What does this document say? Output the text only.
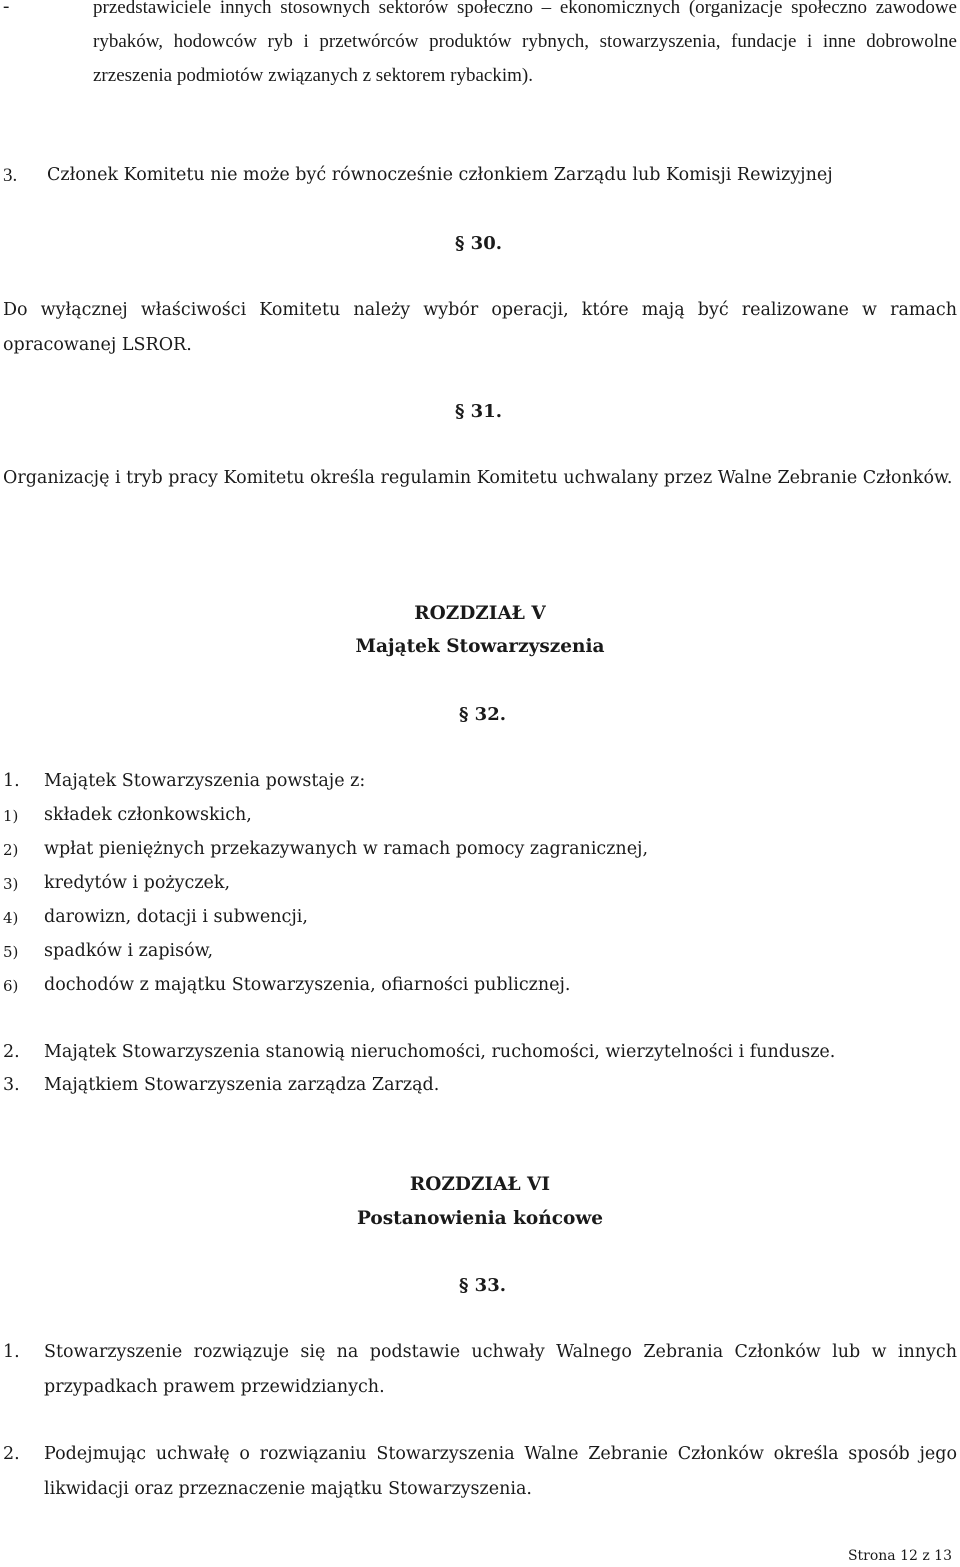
-	przedstawiciele innych stosownych sektorów społeczno – ekonomicznych (organizacje społeczno zawodowe rybaków, hodowców ryb i przetwórców produktów rybnych, stowarzyszenia, fundacje i inne dobrowolne zrzeszenia podmiotów związanych z sektorem rybackim).
3. Członek Komitetu nie może być równocześnie członkiem Zarządu lub Komisji Rewizyjnej
§ 30.
Do wyłącznej właściwości Komitetu należy wybór operacji, które mają być realizowane w ramach opracowanej LSROR.
§ 31.
Organizację i tryb pracy Komitetu określa regulamin Komitetu uchwalany przez Walne Zebranie Członków.
ROZDZIAŁ V
Majątek Stowarzyszenia
§ 32.
1. Majątek Stowarzyszenia powstaje z:
1) składek członkowskich,
2) wpłat pieniężnych przekazywanych w ramach pomocy zagranicznej,
3) kredytów i pożyczek,
4) darowizn, dotacji i subwencji,
5) spadków i zapisów,
6) dochodów z majątku Stowarzyszenia, ofiarności publicznej.
2. Majątek Stowarzyszenia stanowią nieruchomości, ruchomości, wierzytelności i fundusze.
3. Majątkiem Stowarzyszenia zarządza Zarząd.
ROZDZIAŁ VI
Postanowienia końcowe
§ 33.
1. Stowarzyszenie rozwiązuje się na podstawie uchwały Walnego Zebrania Członków lub w innych przypadkach prawem przewidzianych.
2. Podejmując uchwałę o rozwiązaniu Stowarzyszenia Walne Zebranie Członków określa sposób jego likwidacji oraz przeznaczenie majątku Stowarzyszenia.
Strona 12 z 13
